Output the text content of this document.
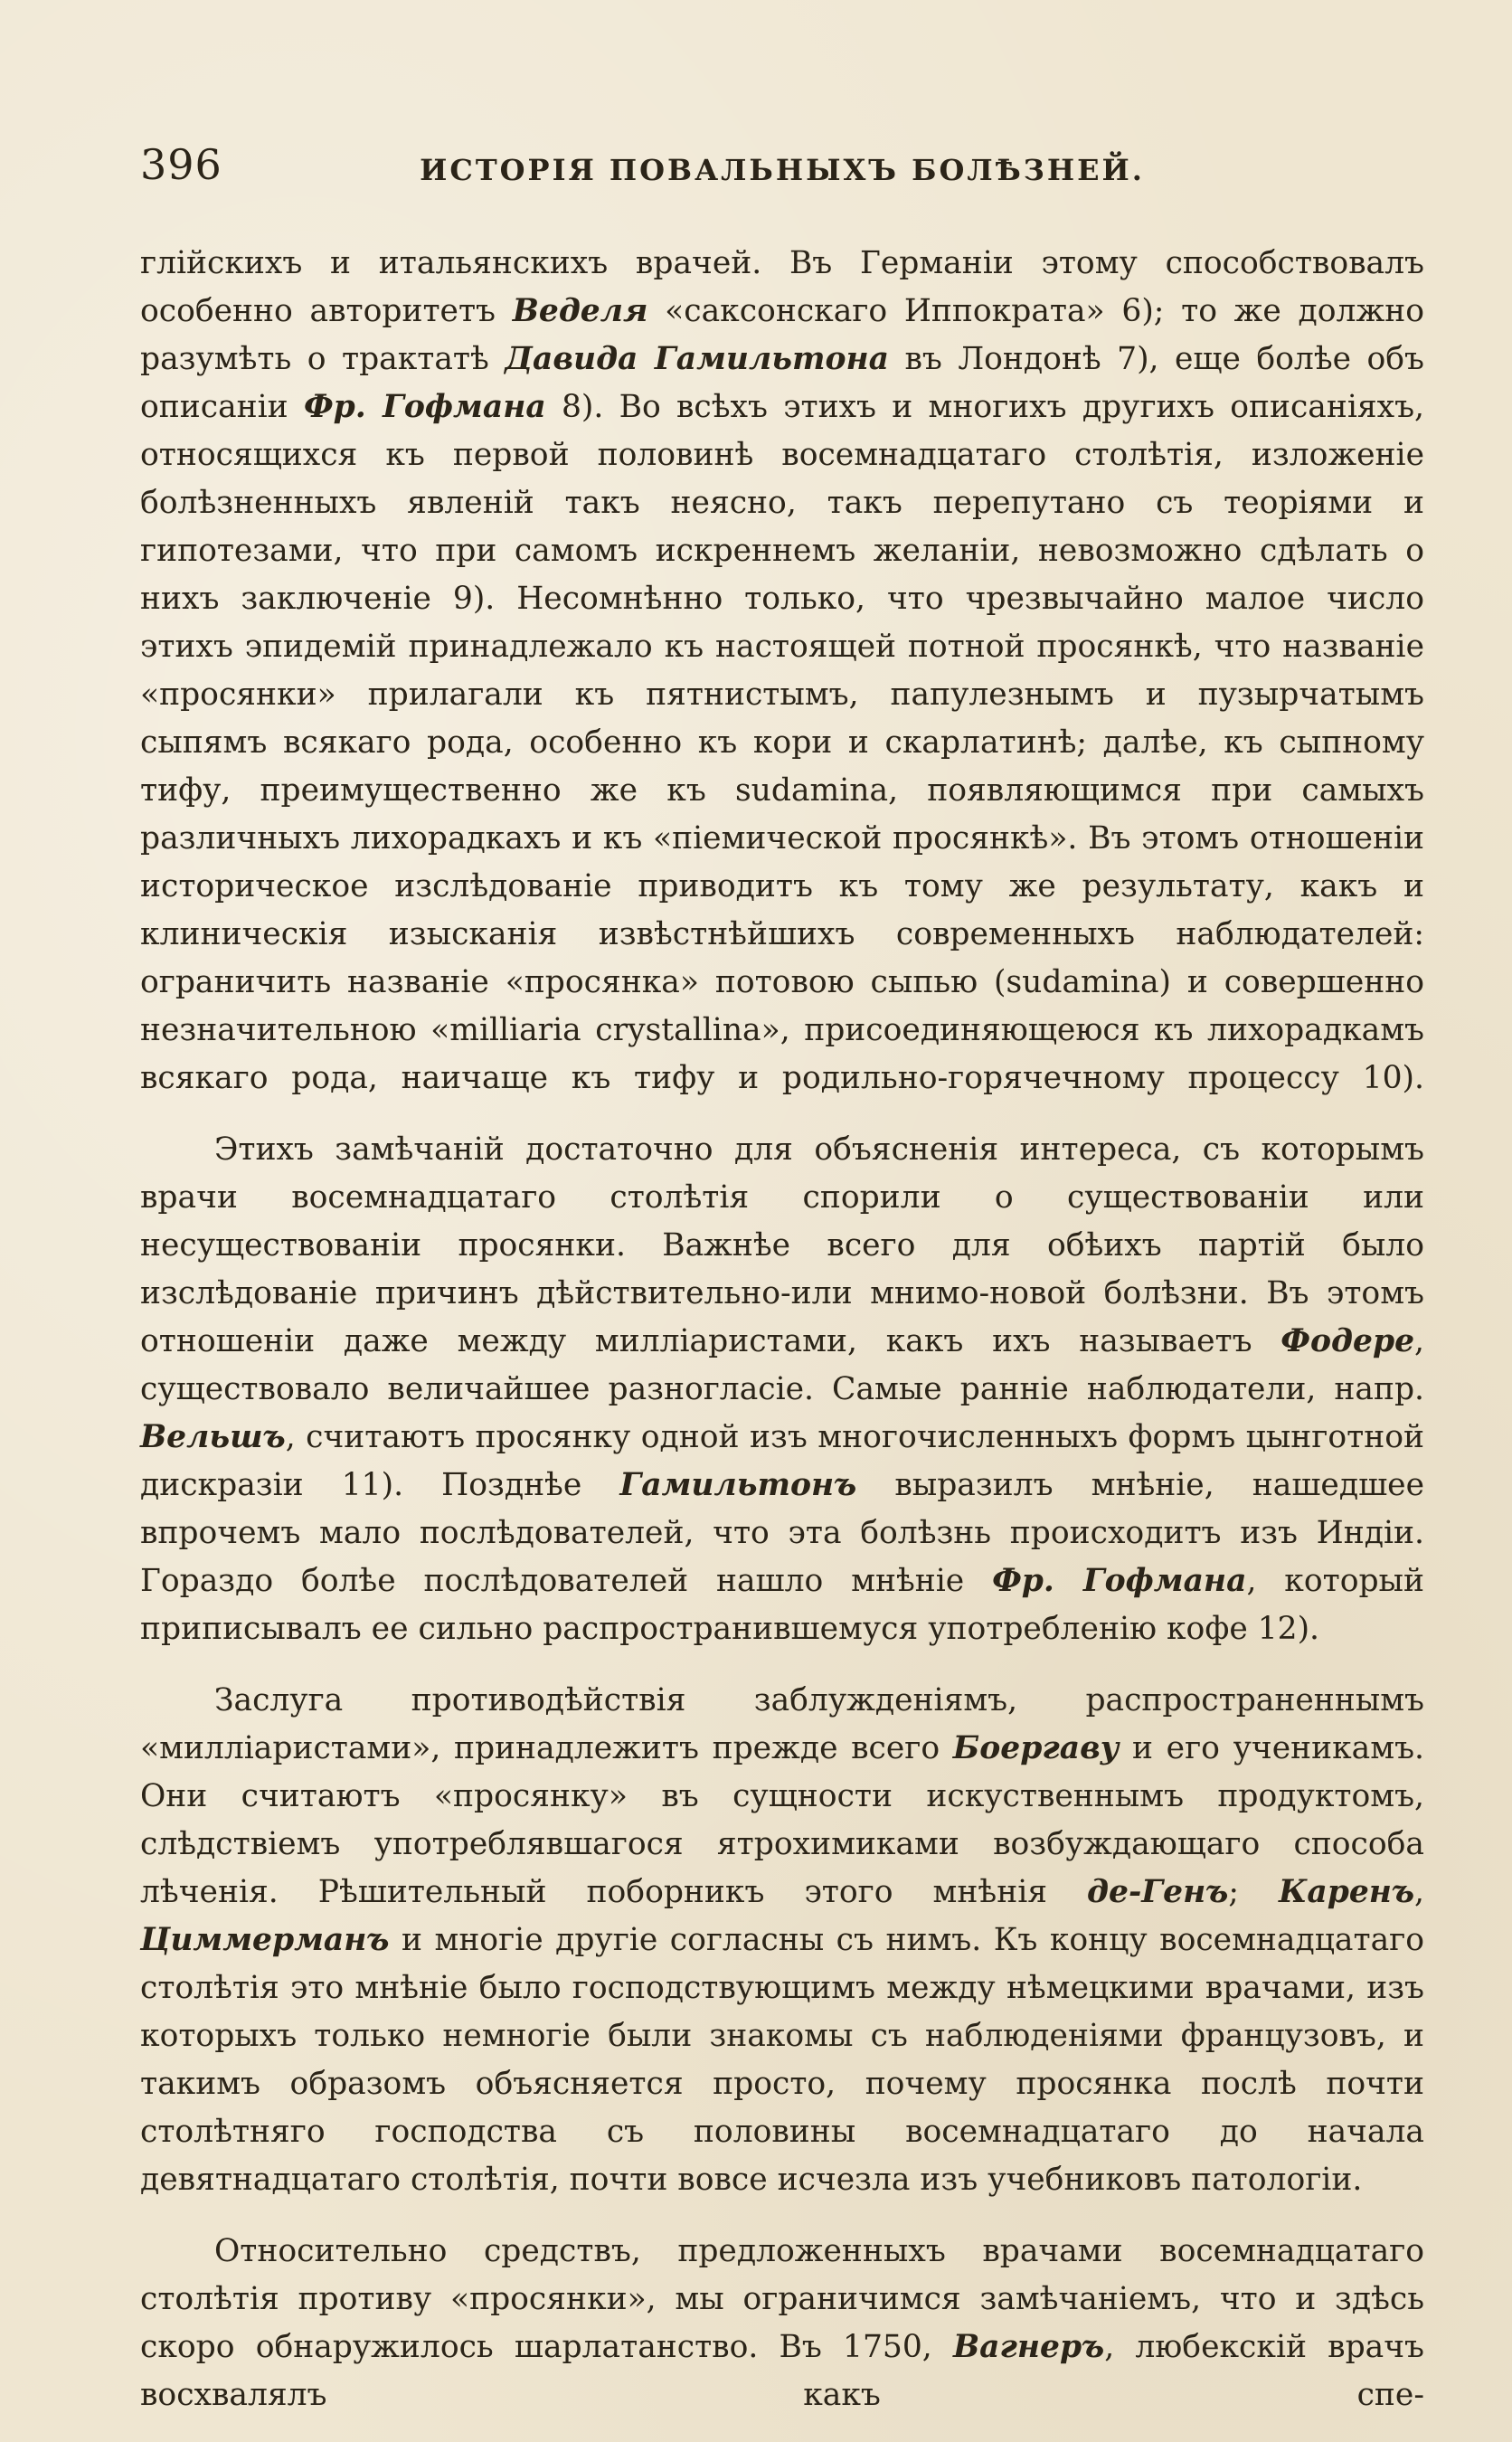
396	ИСТОРІЯ ПОВАЛЬНЫХЪ БОЛѢЗНЕЙ.

глійскихъ и итальянскихъ врачей. Въ Германіи этому способствовалъ особенно авторитетъ Веделя «саксонскаго Иппократа» 6); то же должно разумѣть о трактатѣ Давида Гамильтона въ Лондонѣ 7), еще болѣе объ описаніи Фр. Гофмана 8). Во всѣхъ этихъ и многихъ другихъ описаніяхъ, относящихся къ первой половинѣ восемнадцатаго столѣтія, изложеніе болѣзненныхъ явленій такъ неясно, такъ перепутано съ теоріями и гипотезами, что при самомъ искреннемъ желаніи, невозможно сдѣлать о нихъ заключеніе 9). Несомнѣнно только, что чрезвычайно малое число этихъ эпидемій принадлежало къ настоящей потной просянкѣ, что названіе «просянки» прилагали къ пятнистымъ, папулезнымъ и пузырчатымъ сыпямъ всякаго рода, особенно къ кори и скарлатинѣ; далѣе, къ сыпному тифу, преимущественно же къ sudamina, появляющимся при самыхъ различныхъ лихорадкахъ и къ «піемической просянкѣ». Въ этомъ отношеніи историческое изслѣдованіе приводитъ къ тому же результату, какъ и клиническія изысканія извѣстнѣйшихъ современныхъ наблюдателей: ограничить названіе «просянка» потовою сыпью (sudamina) и совершенно незначительною «milliaria crystallina», присоединяющеюся къ лихорадкамъ всякаго рода, наичаще къ тифу и родильно-горячечному процессу 10).

Этихъ замѣчаній достаточно для объясненія интереса, съ которымъ врачи восемнадцатаго столѣтія спорили о существованіи или несуществованіи просянки. Важнѣе всего для обѣихъ партій было изслѣдованіе причинъ дѣйствительно-или мнимо-новой болѣзни. Въ этомъ отношеніи даже между милліаристами, какъ ихъ называетъ Фодере, существовало величайшее разногласіе. Самые ранніе наблюдатели, напр. Вельшъ, считаютъ просянку одной изъ многочисленныхъ формъ цынготной дискразіи 11). Позднѣе Гамильтонъ выразилъ мнѣніе, нашедшее впрочемъ мало послѣдователей, что эта болѣзнь происходитъ изъ Индіи. Гораздо болѣе послѣдователей нашло мнѣніе Фр. Гофмана, который приписывалъ ее сильно распространившемуся употребленію кофе 12).

Заслуга противодѣйствія заблужденіямъ, распространеннымъ «милліаристами», принадлежитъ прежде всего Боергаву и его ученикамъ. Они считаютъ «просянку» въ сущности искуственнымъ продуктомъ, слѣдствіемъ употреблявшагося ятрохимиками возбуждающаго способа лѣченія. Рѣшительный поборникъ этого мнѣнія де-Генъ; Каренъ, Циммерманъ и многіе другіе согласны съ нимъ. Къ концу восемнадцатаго столѣтія это мнѣніе было господствующимъ между нѣмецкими врачами, изъ которыхъ только немногіе были знакомы съ наблюденіями французовъ, и такимъ образомъ объясняется просто, почему просянка послѣ почти столѣтняго господства съ половины восемнадцатаго до начала девятнадцатаго столѣтія, почти вовсе исчезла изъ учебниковъ патологіи.

Относительно средствъ, предложенныхъ врачами восемнадцатаго столѣтія противу «просянки», мы ограничимся замѣчаніемъ, что и здѣсь скоро обнаружилось шарлатанство. Въ 1750, Вагнеръ, любекскій врачъ восхвалялъ какъ спе-
